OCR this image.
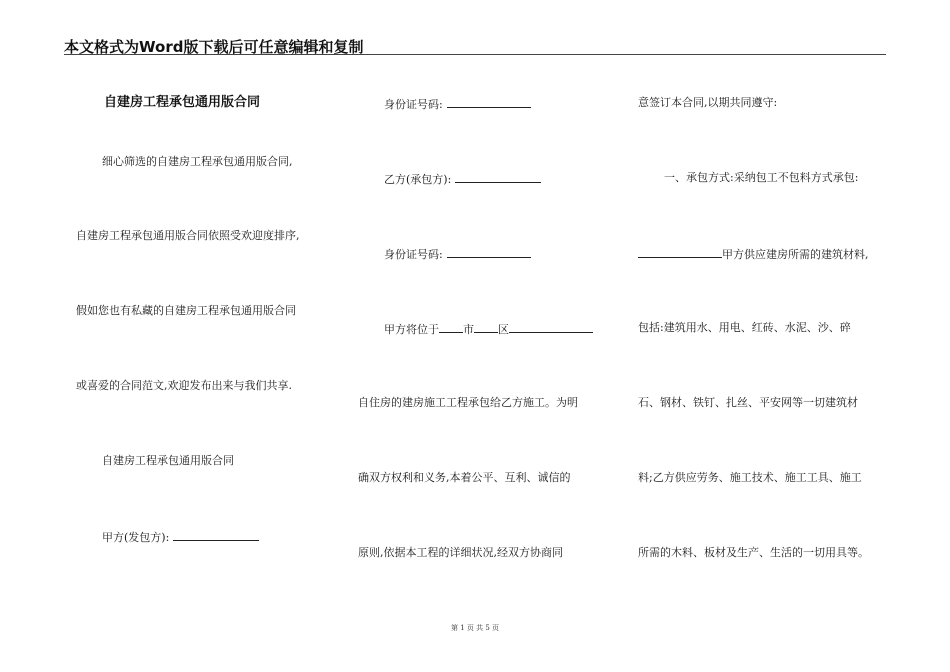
本文格式为Word版下载后可任意编辑和复制
自建房工程承包通用版合同
细心筛选的自建房工程承包通用版合同,
自建房工程承包通用版合同依照受欢迎度排序,
假如您也有私藏的自建房工程承包通用版合同
或喜爱的合同范文,欢迎发布出来与我们共享.
自建房工程承包通用版合同
甲方(发包方):
身份证号码:
乙方(承包方):
身份证号码:
甲方将位于 市 区
自住房的建房施工工程承包给乙方施工。为明
确双方权利和义务,本着公平、互利、诚信的
原则,依据本工程的详细状况,经双方协商同
意签订本合同,以期共同遵守:
一、承包方式:采纳包工不包料方式承包:
甲方供应建房所需的建筑材料,
包括:建筑用水、用电、红砖、水泥、沙、碎
石、钢材、铁钉、扎丝、平安网等一切建筑材
料;乙方供应劳务、施工技术、施工工具、施工
所需的木料、板材及生产、生活的一切用具等。
第 1 页 共 5 页
